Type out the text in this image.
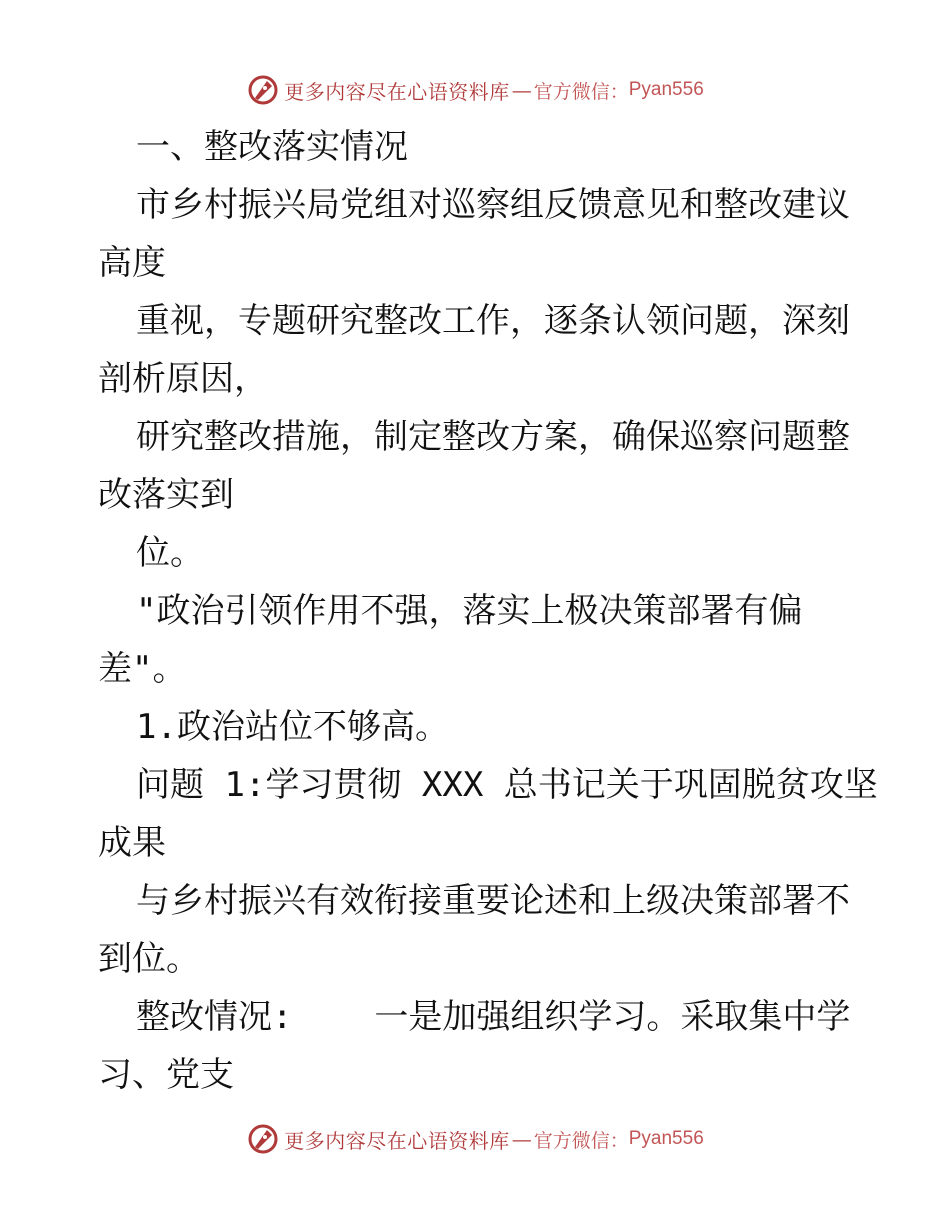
更多内容尽在心语资料库 — 官方微信： Pyan556
一、整改落实情况
市乡村振兴局党组对巡察组反馈意见和整改建议
高度
重视，专题研究整改工作，逐条认领问题，深刻
剖析原因，
研究整改措施，制定整改方案，确保巡察问题整
改落实到
位。
"政治引领作用不强，落实上极决策部署有偏
差"。
1.政治站位不够高。
问题 1:学习贯彻 XXX 总书记关于巩固脱贫攻坚
成果
与乡村振兴有效衔接重要论述和上级决策部署不
到位。
整改情况:    一是加强组织学习。采取集中学
习、党支
更多内容尽在心语资料库 — 官方微信： Pyan556
